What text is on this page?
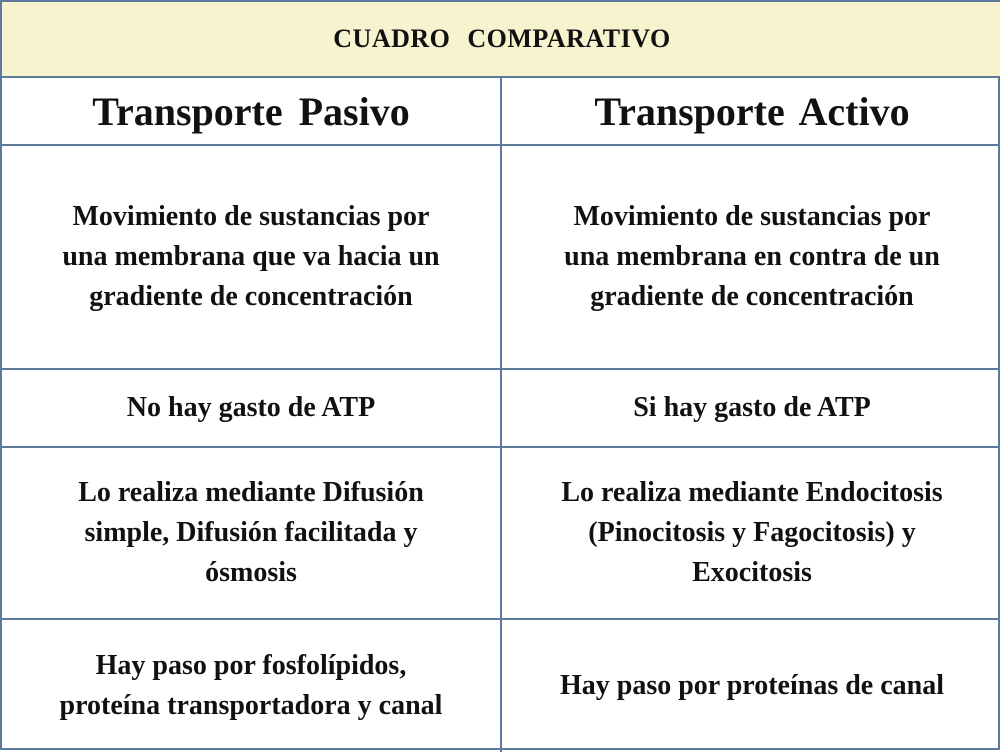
CUADRO COMPARATIVO
Transporte Pasivo	Transporte Activo
Movimiento de sustancias por
una membrana que va hacia un
gradiente de concentración
Movimiento de sustancias por
una membrana en contra de un
gradiente de concentración
No hay gasto de ATP	Si hay gasto de ATP
Lo realiza mediante Difusión
simple, Difusión facilitada y
ósmosis
Lo realiza mediante Endocitosis
(Pinocitosis y Fagocitosis) y
Exocitosis
Hay paso por fosfolípidos,
proteína transportadora y canal
Hay paso por proteínas de canal
